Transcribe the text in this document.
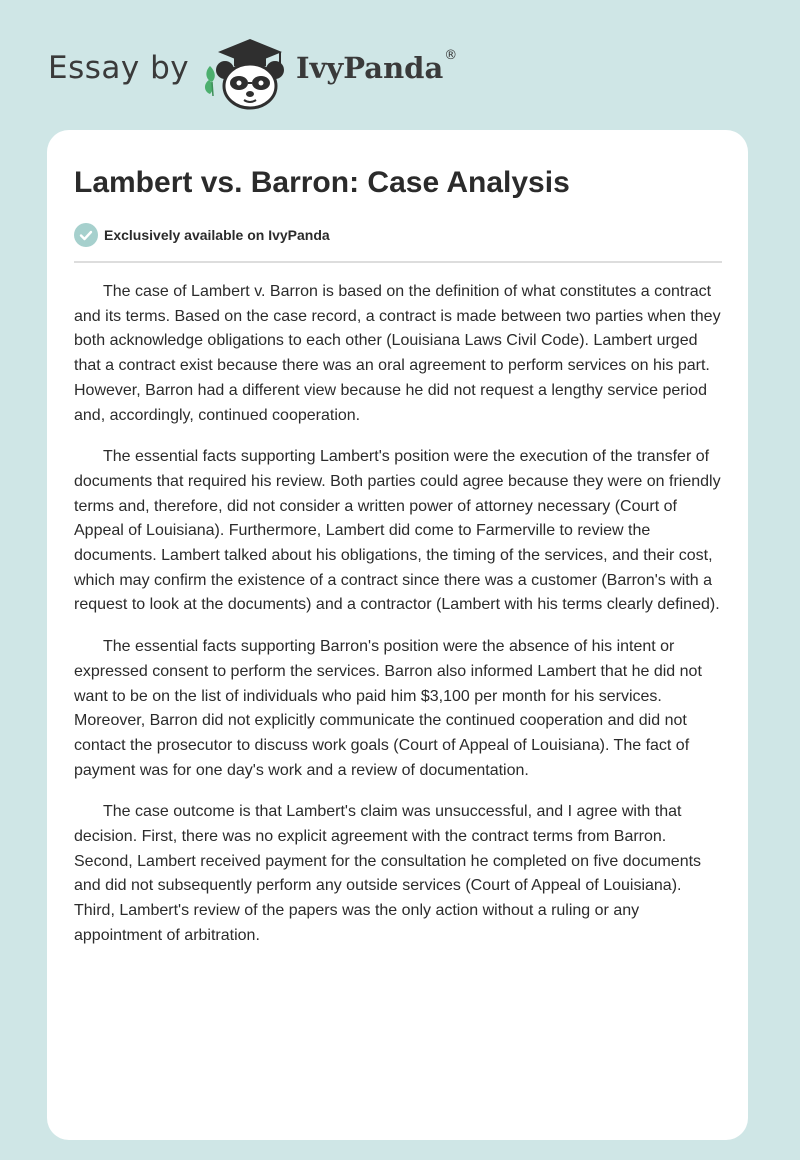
Essay by	IvyPanda®
Lambert vs. Barron: Case Analysis
Exclusively available on IvyPanda

The case of Lambert v. Barron is based on the definition of what constitutes a contract and its terms. Based on the case record, a contract is made between two parties when they both acknowledge obligations to each other (Louisiana Laws Civil Code). Lambert urged that a contract exist because there was an oral agreement to perform services on his part. However, Barron had a different view because he did not request a lengthy service period and, accordingly, continued cooperation.

The essential facts supporting Lambert's position were the execution of the transfer of documents that required his review. Both parties could agree because they were on friendly terms and, therefore, did not consider a written power of attorney necessary (Court of Appeal of Louisiana). Furthermore, Lambert did come to Farmerville to review the documents. Lambert talked about his obligations, the timing of the services, and their cost, which may confirm the existence of a contract since there was a customer (Barron's with a request to look at the documents) and a contractor (Lambert with his terms clearly defined).

The essential facts supporting Barron's position were the absence of his intent or expressed consent to perform the services. Barron also informed Lambert that he did not want to be on the list of individuals who paid him $3,100 per month for his services. Moreover, Barron did not explicitly communicate the continued cooperation and did not contact the prosecutor to discuss work goals (Court of Appeal of Louisiana). The fact of payment was for one day's work and a review of documentation.

The case outcome is that Lambert's claim was unsuccessful, and I agree with that decision. First, there was no explicit agreement with the contract terms from Barron. Second, Lambert received payment for the consultation he completed on five documents and did not subsequently perform any outside services (Court of Appeal of Louisiana). Third, Lambert's review of the papers was the only action without a ruling or any appointment of arbitration.
